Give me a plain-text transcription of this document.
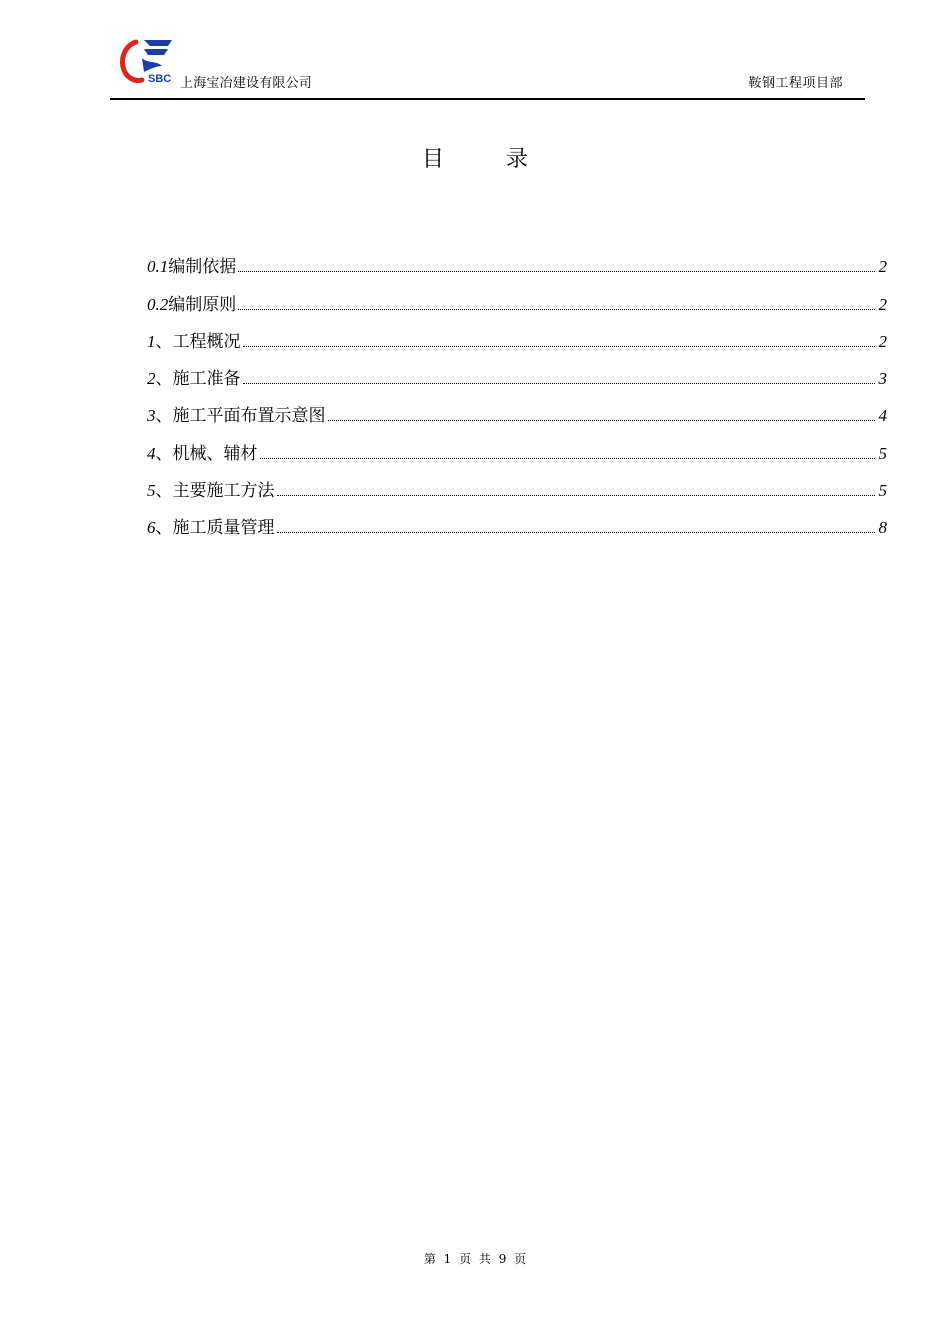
SBC 上海宝冶建设有限公司	鞍钢工程项目部
目	录
0.1 编制依据	2
0.2 编制原则	2
1 、 工程概况	2
2 、 施工准备	3
3 、 施工平面布置示意图	4
4 、 机械、辅材	5
5 、 主要施工方法	5
6 、 施工质量管理	8
第 1 页 共 9 页
